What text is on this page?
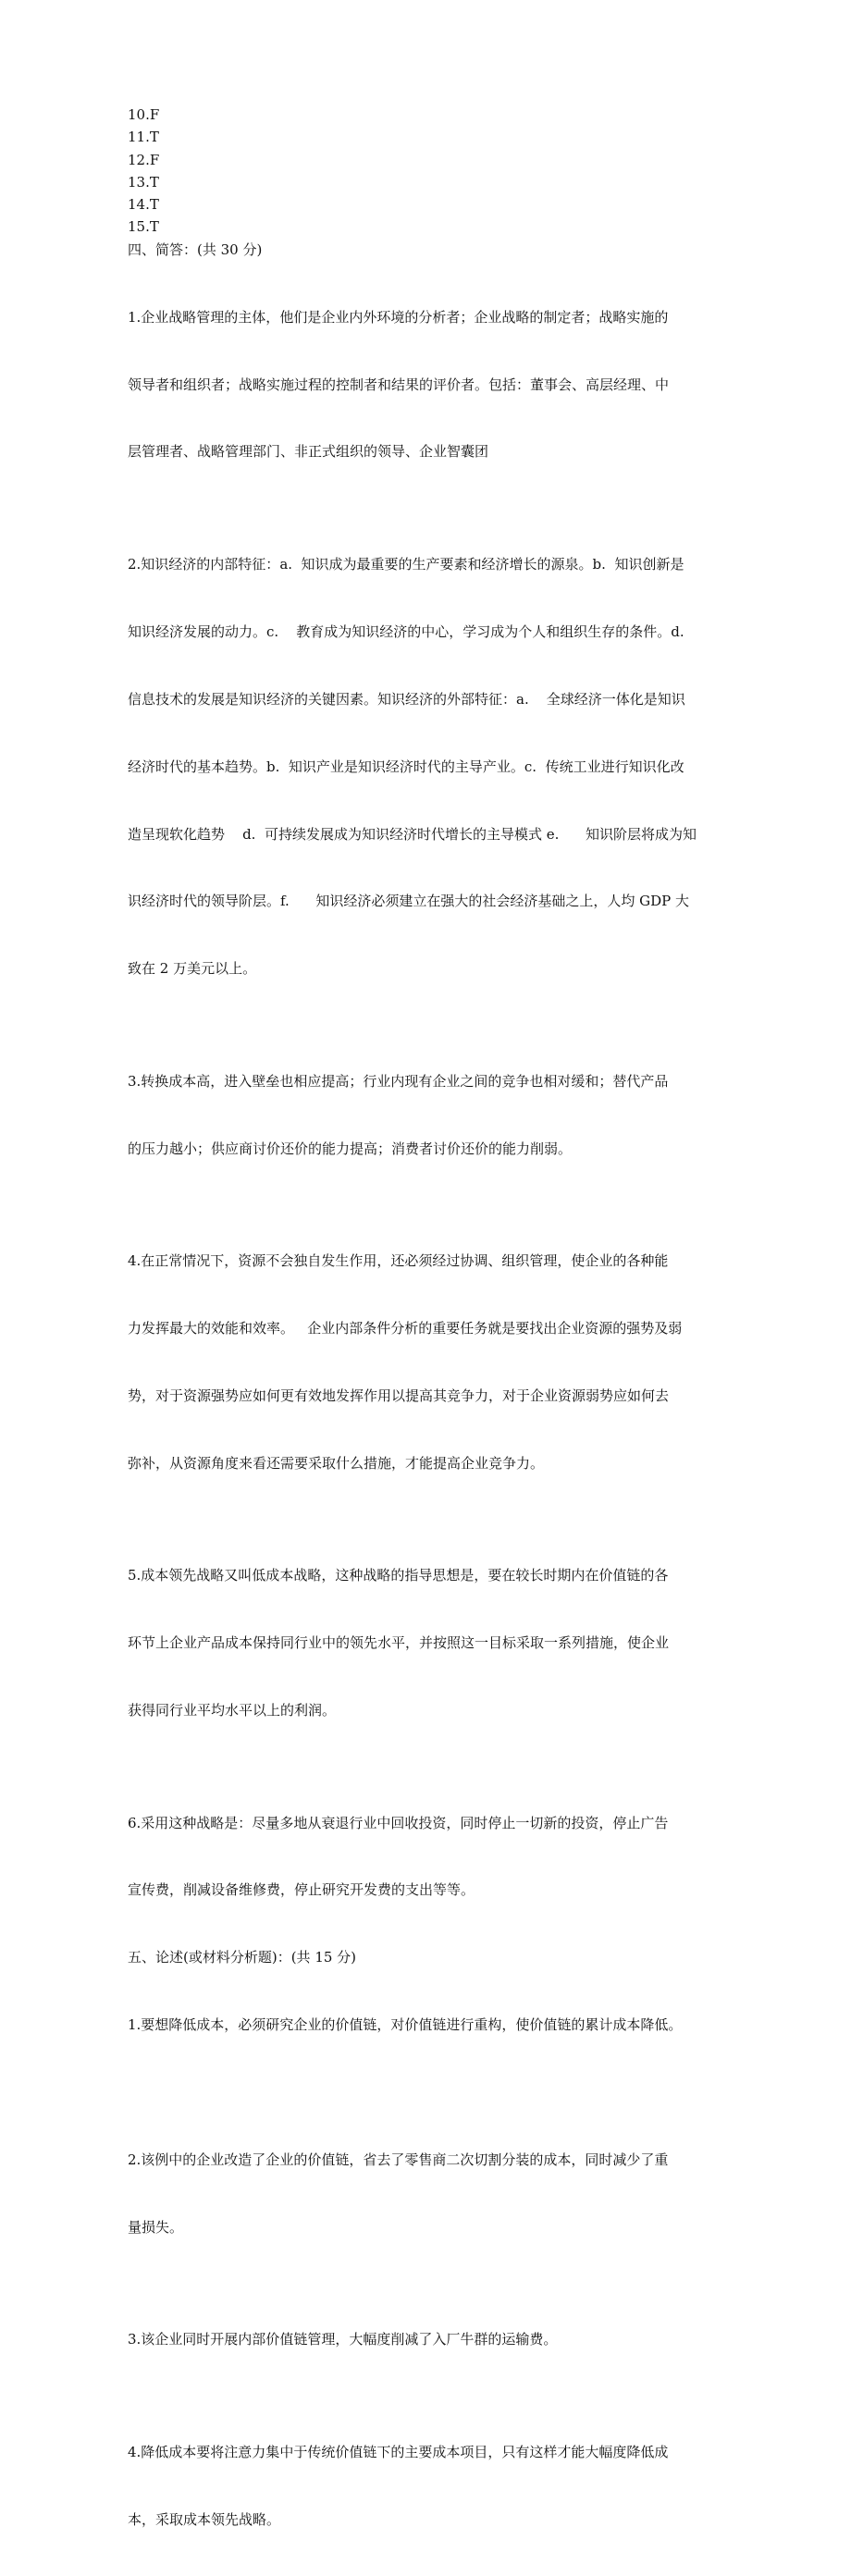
10.F
11.T
12.F
13.T
14.T
15.T
四、简答：(共 30 分)

1.企业战略管理的主体，他们是企业内外环境的分析者；企业战略的制定者；战略实施的

领导者和组织者；战略实施过程的控制者和结果的评价者。包括：董事会、高层经理、中

层管理者、战略管理部门、非正式组织的领导、企业智囊团

2.知识经济的内部特征：a.  知识成为最重要的生产要素和经济增长的源泉。b.  知识创新是

知识经济发展的动力。c.    教育成为知识经济的中心，学习成为个人和组织生存的条件。d.

信息技术的发展是知识经济的关键因素。知识经济的外部特征：a.    全球经济一体化是知识

经济时代的基本趋势。b.  知识产业是知识经济时代的主导产业。c.  传统工业进行知识化改

造呈现软化趋势    d.  可持续发展成为知识经济时代增长的主导模式 e.      知识阶层将成为知

识经济时代的领导阶层。f.      知识经济必须建立在强大的社会经济基础之上，人均 GDP 大

致在 2 万美元以上。

3.转换成本高，进入壁垒也相应提高；行业内现有企业之间的竞争也相对缓和；替代产品

的压力越小；供应商讨价还价的能力提高；消费者讨价还价的能力削弱。

4.在正常情况下，资源不会独自发生作用，还必须经过协调、组织管理，使企业的各种能

力发挥最大的效能和效率。   企业内部条件分析的重要任务就是要找出企业资源的强势及弱

势，对于资源强势应如何更有效地发挥作用以提高其竞争力，对于企业资源弱势应如何去

弥补，从资源角度来看还需要采取什么措施，才能提高企业竞争力。

5.成本领先战略又叫低成本战略，这种战略的指导思想是，要在较长时期内在价值链的各

环节上企业产品成本保持同行业中的领先水平，并按照这一目标采取一系列措施，使企业

获得同行业平均水平以上的利润。

6.采用这种战略是：尽量多地从衰退行业中回收投资，同时停止一切新的投资，停止广告

宣传费，削减设备维修费，停止研究开发费的支出等等。

五、论述(或材料分析题)：(共 15 分)

1.要想降低成本，必须研究企业的价值链，对价值链进行重构，使价值链的累计成本降低。

2.该例中的企业改造了企业的价值链，省去了零售商二次切割分装的成本，同时减少了重

量损失。

3.该企业同时开展内部价值链管理，大幅度削减了入厂牛群的运输费。

4.降低成本要将注意力集中于传统价值链下的主要成本项目，只有这样才能大幅度降低成

本，采取成本领先战略。
